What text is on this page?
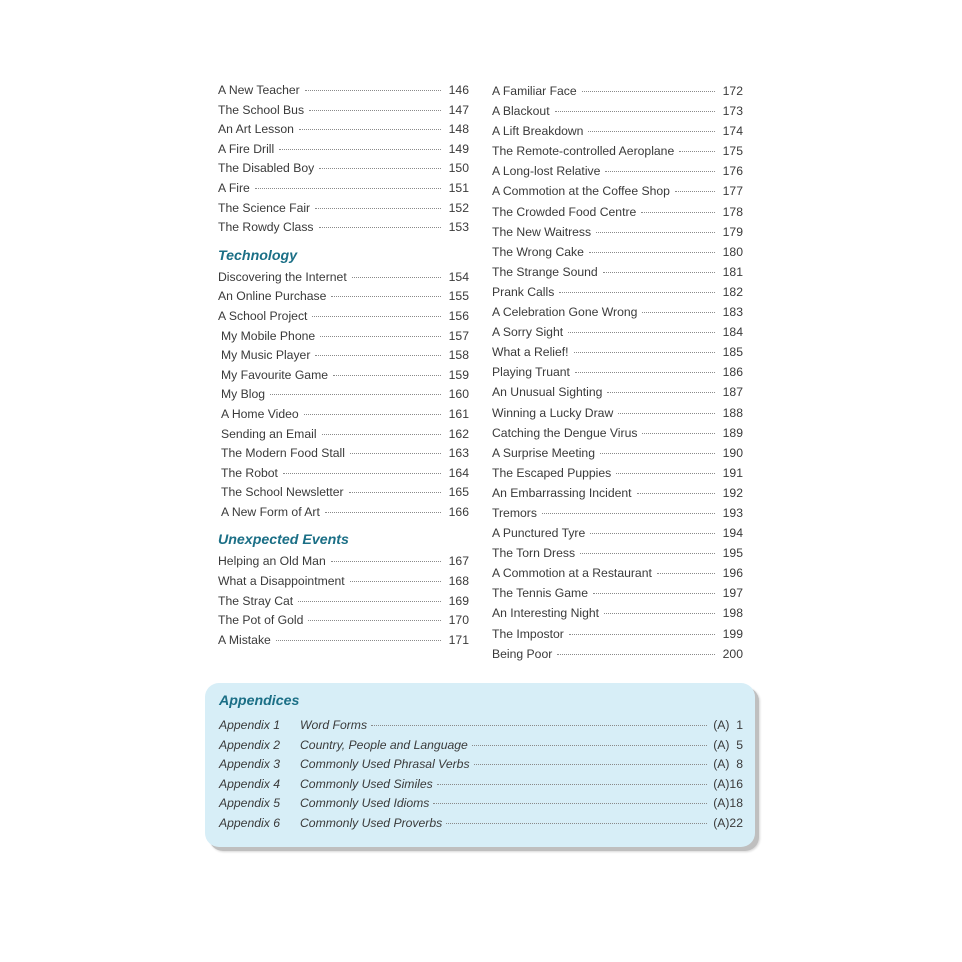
A New Teacher	146
The School Bus	147
An Art Lesson	148
A Fire Drill	149
The Disabled Boy	150
A Fire	151
The Science Fair	152
The Rowdy Class	153
Technology
Discovering the Internet	154
An Online Purchase	155
A School Project	156
My Mobile Phone	157
My Music Player	158
My Favourite Game	159
My Blog	160
A Home Video	161
Sending an Email	162
The Modern Food Stall	163
The Robot	164
The School Newsletter	165
A New Form of Art	166
Unexpected Events
Helping an Old Man	167
What a Disappointment	168
The Stray Cat	169
The Pot of Gold	170
A Mistake	171
A Familiar Face	172
A Blackout	173
A Lift Breakdown	174
The Remote-controlled Aeroplane	175
A Long-lost Relative	176
A Commotion at the Coffee Shop	177
The Crowded Food Centre	178
The New Waitress	179
The Wrong Cake	180
The Strange Sound	181
Prank Calls	182
A Celebration Gone Wrong	183
A Sorry Sight	184
What a Relief!	185
Playing Truant	186
An Unusual Sighting	187
Winning a Lucky Draw	188
Catching the Dengue Virus	189
A Surprise Meeting	190
The Escaped Puppies	191
An Embarrassing Incident	192
Tremors	193
A Punctured Tyre	194
The Torn Dress	195
A Commotion at a Restaurant	196
The Tennis Game	197
An Interesting Night	198
The Impostor	199
Being Poor	200
Appendices
Appendix 1	Word Forms	(A)  1
Appendix 2	Country, People and Language	(A)  5
Appendix 3	Commonly Used Phrasal Verbs	(A)  8
Appendix 4	Commonly Used Similes	(A)16
Appendix 5	Commonly Used Idioms	(A)18
Appendix 6	Commonly Used Proverbs	(A)22
